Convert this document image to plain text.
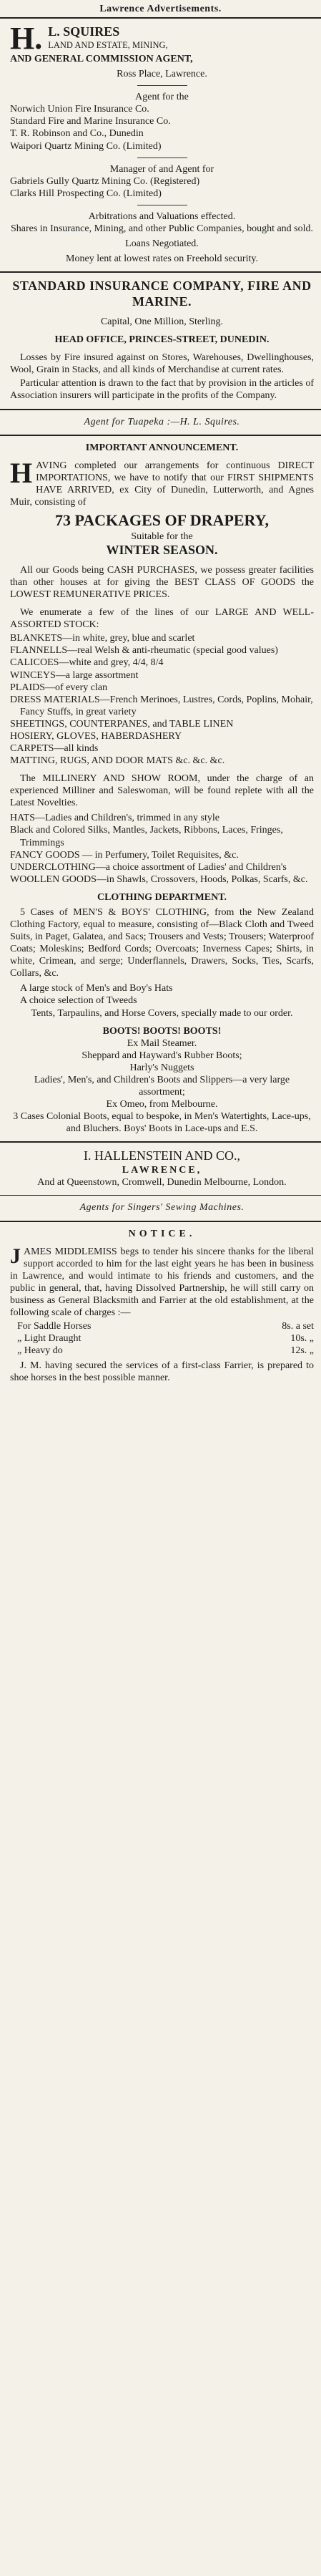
Lawrence Advertisements.
H. L. SQUIRES
LAND AND ESTATE, MINING,
AND GENERAL COMMISSION AGENT,
Ross Place, Lawrence.
Agent for the
Norwich Union Fire Insurance Co.
Standard Fire and Marine Insurance Co.
T. R. Robinson and Co., Dunedin
Waipori Quartz Mining Co. (Limited)
Manager of and Agent for
Gabriels Gully Quartz Mining Co. (Registered)
Clarks Hill Prospecting Co. (Limited)
Arbitrations and Valuations effected.
Shares in Insurance, Mining, and other Public Companies, bought and sold.
Loans Negotiated.
Money lent at lowest rates on Freehold security.
STANDARD INSURANCE COMPANY, FIRE AND MARINE.
Capital, One Million, Sterling.
HEAD OFFICE, PRINCES-STREET, DUNEDIN.

Losses by Fire insured against on Stores, Warehouses, Dwellinghouses, Wool, Grain in Stacks, and all kinds of Merchandise at current rates.

Particular attention is drawn to the fact that by provision in the articles of Association insurers will participate in the profits of the Company.

Agent for Tuapeka :—H. L. Squires.
IMPORTANT ANNOUNCEMENT.

HAVING completed our arrangements for continuous DIRECT IMPORTATIONS, we have to notify that our FIRST SHIPMENTS HAVE ARRIVED, ex City of Dunedin, Lutterworth, and Agnes Muir, consisting of

73 PACKAGES OF DRAPERY,
Suitable for the
WINTER SEASON.

All our Goods being CASH PURCHASES, we possess greater facilities than other houses at for giving the BEST CLASS OF GOODS the LOWEST REMUNERATIVE PRICES.

We enumerate a few of the lines of our LARGE AND WELL-ASSORTED STOCK:

BLANKETS—in white, grey, blue and scarlet
FLANNELLS—real Welsh & anti-rheumatic (special good values)
CALICOES—white and grey, 4/4, 8/4
WINCEYS—a large assortment
PLAIDS—of every clan
DRESS MATERIALS—French Merinoes, Lustres, Cords, Poplins, Mohair, Fancy Stuffs, in great variety
SHEETINGS, COUNTERPANES, and TABLE LINEN
HOSIERY, GLOVES, HABERDASHERY
CARPETS—all kinds
MATTING, RUGS, AND DOOR MATS &c. &c. &c.

The MILLINERY AND SHOW ROOM, under the charge of an experienced Milliner and Saleswoman, will be found replete with all the Latest Novelties.

HATS—Ladies and Children's, trimmed in any style
Black and Colored Silks, Mantles, Jackets, Ribbons, Laces, Fringes, Trimmings
FANCY GOODS — in Perfumery, Toilet Requisites, &c.
UNDERCLOTHING—a choice assortment of Ladies' and Children's
WOOLLEN GOODS—in Shawls, Crossovers, Hoods, Polkas, Scarfs, &c.
CLOTHING DEPARTMENT.

5 Cases of MEN'S & BOYS' CLOTHING, from the New Zealand Clothing Factory, equal to measure, consisting of—Black Cloth and Tweed Suits, in Paget, Galatea, and Sacs; Trousers and Vests; Trousers; Waterproof Coats; Moleskins; Bedford Cords; Overcoats; Inverness Capes; Shirts, in white, Crimean, and serge; Underflannels, Drawers, Socks, Ties, Scarfs, Collars, &c.

A large stock of Men's and Boy's Hats
A choice selection of Tweeds
Tents, Tarpaulins, and Horse Covers, specially made to our order.
BOOTS! BOOTS! BOOTS!
Ex Mail Steamer.
Sheppard and Hayward's Rubber Boots;
Harly's Nuggets
Ladies', Men's, and Children's Boots and Slippers—a very large assortment;
Ex Omeo, from Melbourne.
3 Cases Colonial Boots, equal to bespoke, in Men's Watertights, Lace-ups, and Bluchers. Boys' Boots in Lace-ups and E.S.
I. HALLENSTEIN AND CO.,
LAWRENCE,
And at Queenstown, Cromwell, Dunedin Melbourne, London.
Agents for Singers' Sewing Machines.
NOTICE.

JAMES MIDDLEMISS begs to tender his sincere thanks for the liberal support accorded to him for the last eight years he has been in business in Lawrence, and would intimate to his friends and customers, and the public in general, that, having Dissolved Partnership, he will still carry on business as General Blacksmith and Farrier at the old establishment, at the following scale of charges :—

For Saddle Horses	8s. a set
„ Light Draught	10s. „
„ Heavy do	12s. „

J. M. having secured the services of a first-class Farrier, is prepared to shoe horses in the best possible manner.
